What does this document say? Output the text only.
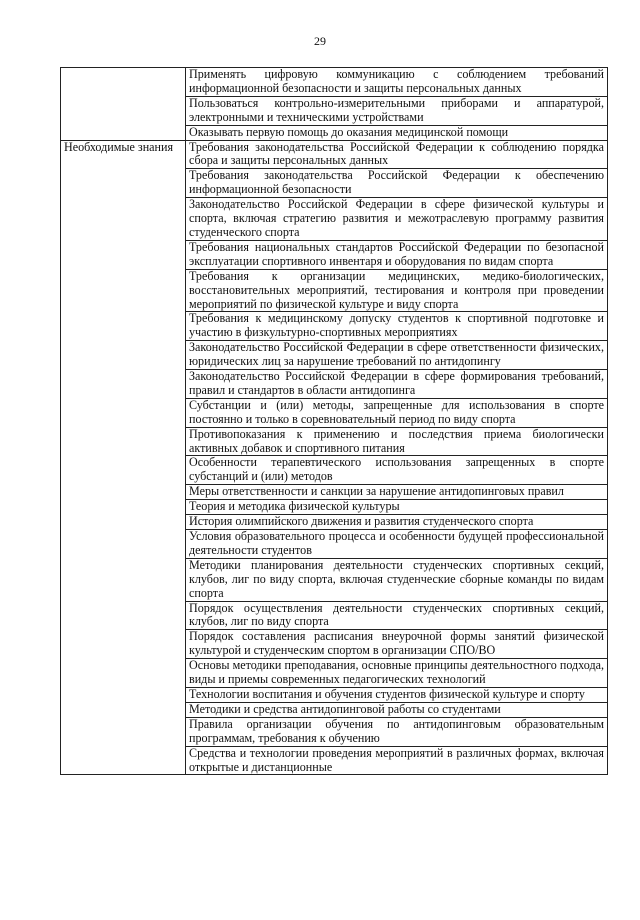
29
	Применять цифровую коммуникацию с соблюдением требований информационной безопасности и защиты персональных данных
	Пользоваться контрольно-измерительными приборами и аппаратурой, электронными и техническими устройствами
	Оказывать первую помощь до оказания медицинской помощи
Необходимые знания	Требования законодательства Российской Федерации к соблюдению порядка сбора и защиты персональных данных
	Требования законодательства Российской Федерации к обеспечению информационной безопасности
	Законодательство Российской Федерации в сфере физической культуры и спорта, включая стратегию развития и межотраслевую программу развития студенческого спорта
	Требования национальных стандартов Российской Федерации по безопасной эксплуатации спортивного инвентаря и оборудования по видам спорта
	Требования к организации медицинских, медико-биологических, восстановительных мероприятий, тестирования и контроля при проведении мероприятий по физической культуре и виду спорта
	Требования к медицинскому допуску студентов к спортивной подготовке и участию в физкультурно-спортивных мероприятиях
	Законодательство Российской Федерации в сфере ответственности физических, юридических лиц за нарушение требований по антидопингу
	Законодательство Российской Федерации в сфере формирования требований, правил и стандартов в области антидопинга
	Субстанции и (или) методы, запрещенные для использования в спорте постоянно и только в соревновательный период по виду спорта
	Противопоказания к применению и последствия приема биологически активных добавок и спортивного питания
	Особенности терапевтического использования запрещенных в спорте субстанций и (или) методов
	Меры ответственности и санкции за нарушение антидопинговых правил
	Теория и методика физической культуры
	История олимпийского движения и развития студенческого спорта
	Условия образовательного процесса и особенности будущей профессиональной деятельности студентов
	Методики планирования деятельности студенческих спортивных секций, клубов, лиг по виду спорта, включая студенческие сборные команды по видам спорта
	Порядок осуществления деятельности студенческих спортивных секций, клубов, лиг по виду спорта
	Порядок составления расписания внеурочной формы занятий физической культурой и студенческим спортом в организации СПО/ВО
	Основы методики преподавания, основные принципы деятельностного подхода, виды и приемы современных педагогических технологий
	Технологии воспитания и обучения студентов физической культуре и спорту
	Методики и средства антидопинговой работы со студентами
	Правила организации обучения по антидопинговым образовательным программам, требования к обучению
	Средства и технологии проведения мероприятий в различных формах, включая открытые и дистанционные
